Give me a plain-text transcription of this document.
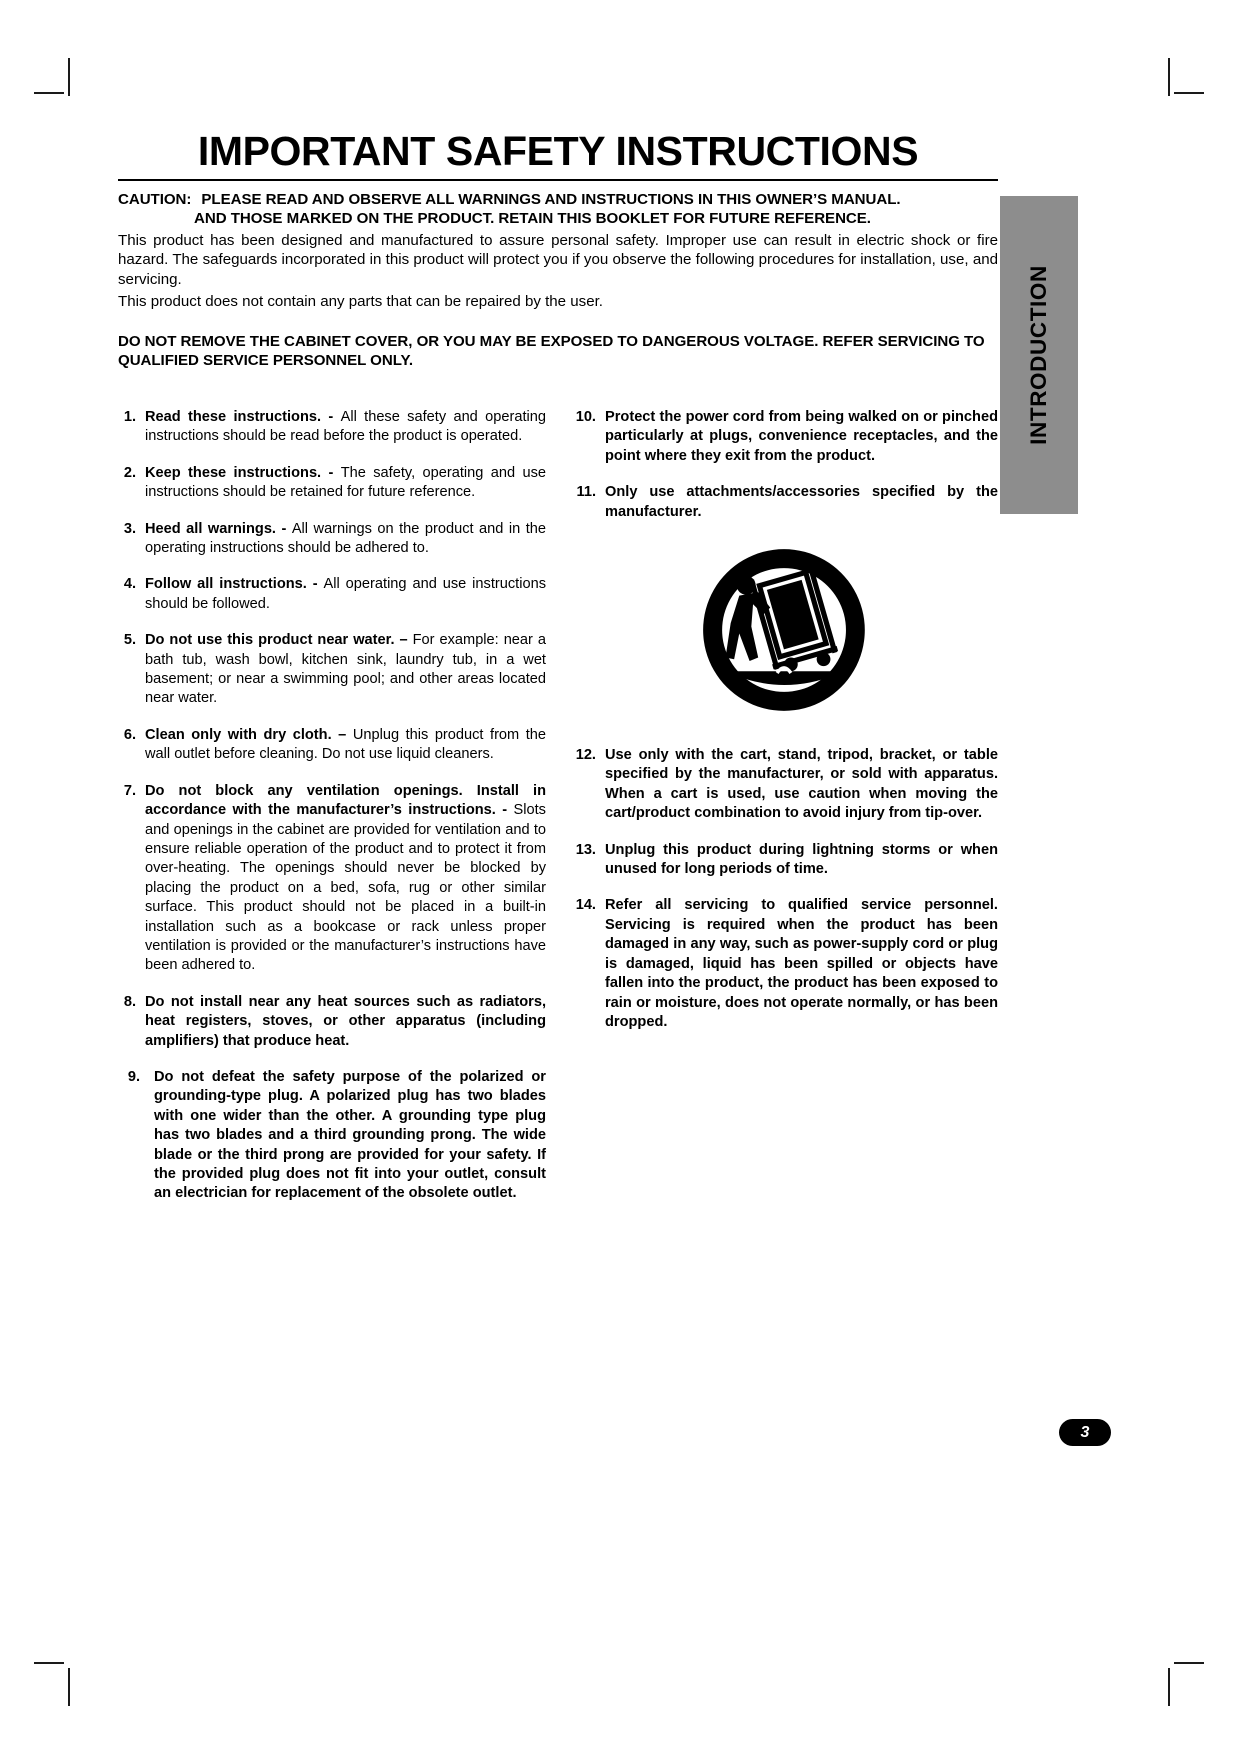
INTRODUCTION
IMPORTANT SAFETY INSTRUCTIONS
CAUTION: PLEASE READ AND OBSERVE ALL WARNINGS AND INSTRUCTIONS IN THIS OWNER’S MANUAL.
AND THOSE MARKED ON THE PRODUCT. RETAIN THIS BOOKLET FOR FUTURE REFERENCE.
This product has been designed and manufactured to assure personal safety. Improper use can result in electric shock or fire hazard. The safeguards incorporated in this product will protect you if you observe the following procedures for installation, use, and servicing.
This product does not contain any parts that can be repaired by the user.
DO NOT REMOVE THE CABINET COVER, OR YOU MAY BE EXPOSED TO DANGEROUS VOLTAGE. REFER SERVICING TO QUALIFIED SERVICE PERSONNEL ONLY.
1. Read these instructions. - All these safety and operating instructions should be read before the product is operated.
2. Keep these instructions. - The safety, operating and use instructions should be retained for future reference.
3. Heed all warnings. - All warnings on the product and in the operating instructions should be adhered to.
4. Follow all instructions. - All operating and use instructions should be followed.
5. Do not use this product near water. – For example: near a bath tub, wash bowl, kitchen sink, laundry tub, in a wet basement; or near a swimming pool; and other areas located near water.
6. Clean only with dry cloth. – Unplug this product from the wall outlet before cleaning. Do not use liquid cleaners.
7. Do not block any ventilation openings. Install in accordance with the manufacturer’s instructions. - Slots and openings in the cabinet are provided for ventilation and to ensure reliable operation of the product and to protect it from over-heating. The openings should never be blocked by placing the product on a bed, sofa, rug or other similar surface. This product should not be placed in a built-in installation such as a bookcase or rack unless proper ventilation is provided or the manufacturer’s instructions have been adhered to.
8. Do not install near any heat sources such as radiators, heat registers, stoves, or other apparatus (including amplifiers) that produce heat.
9. Do not defeat the safety purpose of the polarized or grounding-type plug. A polarized plug has two blades with one wider than the other. A grounding type plug has two blades and a third grounding prong. The wide blade or the third prong are provided for your safety. If the provided plug does not fit into your outlet, consult an electrician for replacement of the obsolete outlet.
10. Protect the power cord from being walked on or pinched particularly at plugs, convenience receptacles, and the point where they exit from the product.
11. Only use attachments/accessories specified by the manufacturer.
12. Use only with the cart, stand, tripod, bracket, or table specified by the manufacturer, or sold with apparatus. When a cart is used, use caution when moving the cart/product combination to avoid injury from tip-over.
13. Unplug this product during lightning storms or when unused for long periods of time.
14. Refer all servicing to qualified service personnel. Servicing is required when the product has been damaged in any way, such as power-supply cord or plug is damaged, liquid has been spilled or objects have fallen into the product, the product has been exposed to rain or moisture, does not operate normally, or has been dropped.
3
